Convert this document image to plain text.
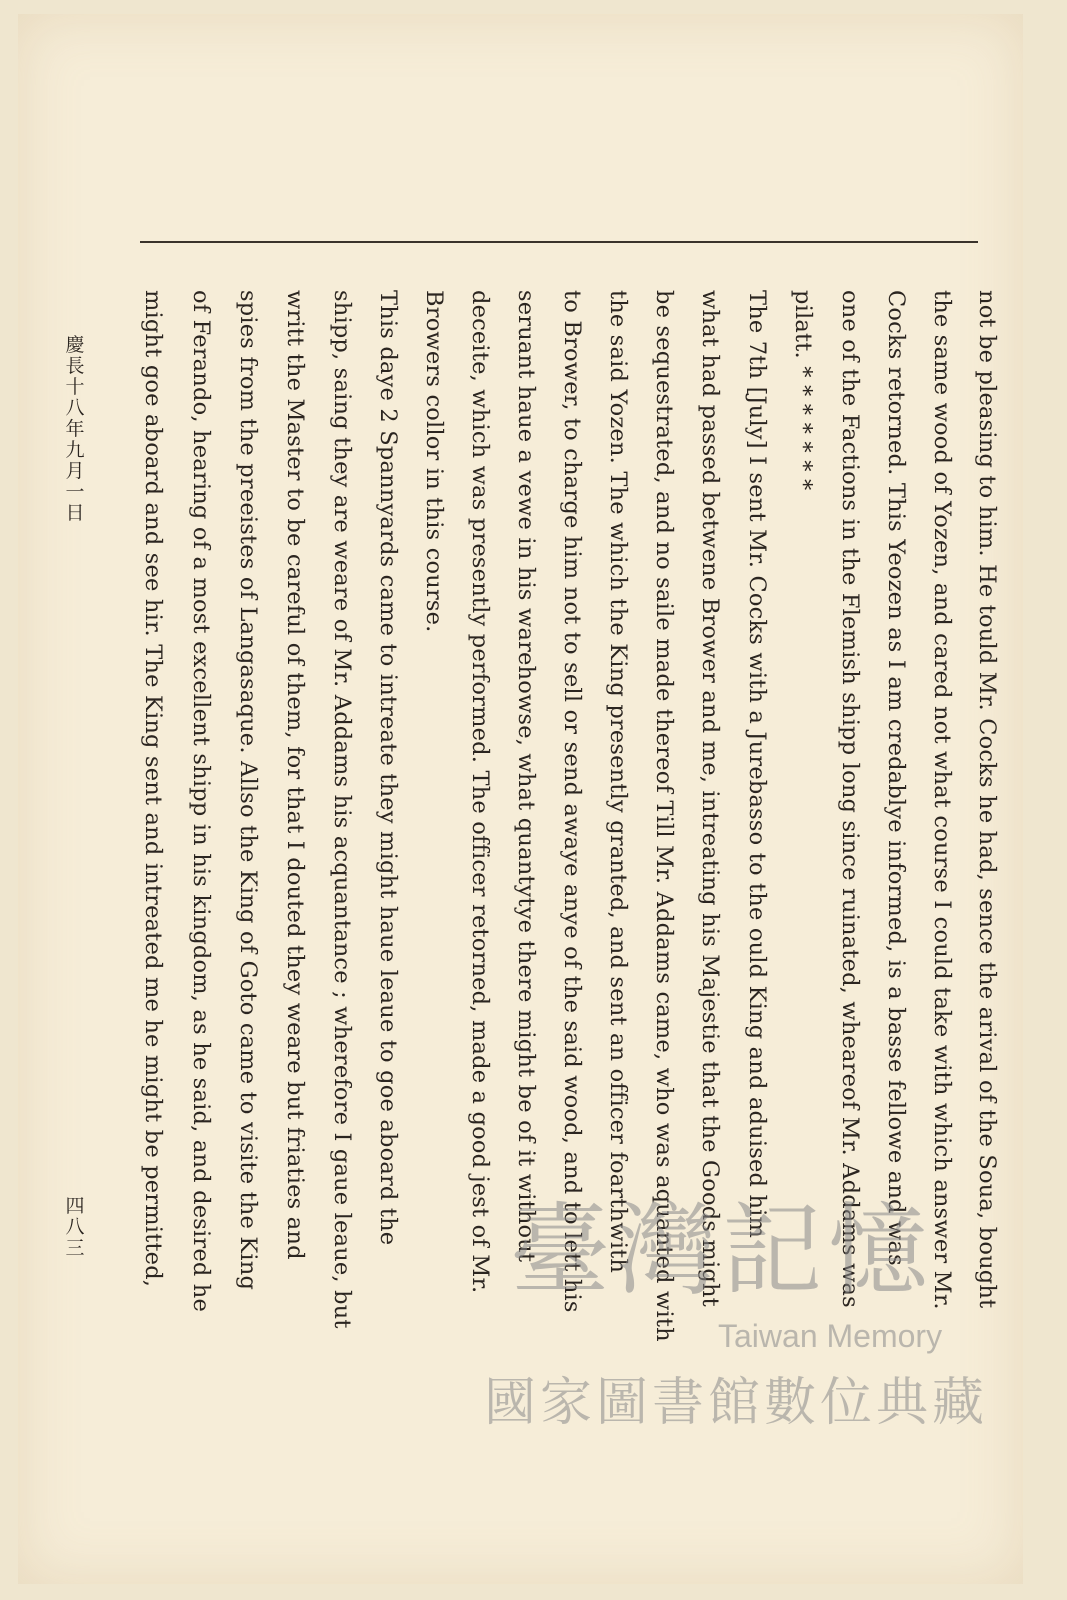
not be pleasing to him. He tould Mr. Cocks he had, sence the arival of the Soua, bought
the same wood of Yozen, and cared not what course I could take with which answer Mr.
Cocks retorned. This Yeozen as I am credablye informed, is a basse fellowe and was
one of the Factions in the Flemish shipp long since ruinated, wheareof Mr. Addams was
pilatt. * * * * * * *
The 7th [July] I sent Mr. Cocks with a Jurebasso to the ould King and aduised him
what had passed betwene Brower and me, intreating his Majestie that the Goods might
be sequestrated, and no saile made thereof Till Mr. Addams came, who was aquanted with
the said Yozen. The which the King presently granted, and sent an officer foarthwith
to Brower, to charge him not to sell or send awaye anye of the said wood, and to lett his
seruant haue a vewe in his warehowse, what quantytye there might be of it without
deceite, which was presently performed. The officer retorned, made a good jest of Mr.
Browers collor in this course.
This daye 2 Spannyards came to intreate they might haue leaue to goe aboard the
shipp, saing they are weare of Mr. Addams his acquantance ; wherefore I gaue leaue, but
writt the Master to be careful of them, for that I douted they weare but friaties and
spies from the preeistes of Langasaque. Allso the King of Goto came to visite the King
of Ferando, hearing of a most excellent shipp in his kingdom, as he said, and desired he
might goe aboard and see hir. The King sent and intreated me he might be permitted,
慶長十八年九月一日
四八三	臺灣記憶
Taiwan Memory
國家圖書館數位典藏
